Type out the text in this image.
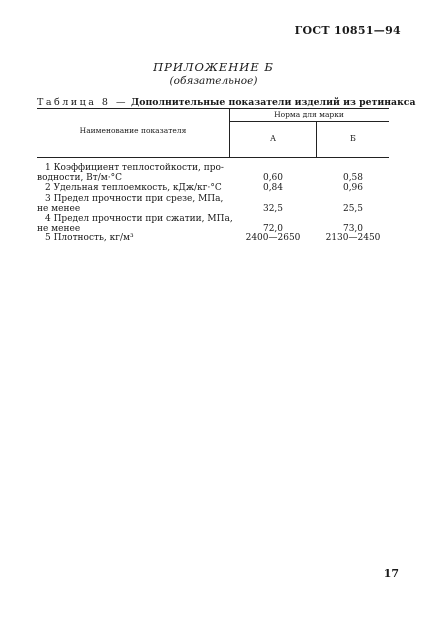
ГОСТ 10851—94
ПРИЛОЖЕНИЕ Б
(обязательное)
Таблица 8 — Дополнительные показатели изделий из ретинакса
Наименование показателя
Норма для марки
А	Б
1 Коэффициент теплостойкости, про-
водности, Вт/м·°С	0,60	0,58
2 Удельная теплоемкость, кДж/кг·°С	0,84	0,96
3 Предел прочности при срезе, МПа,
не менее	32,5	25,5
4 Предел прочности при сжатии, МПа,
не менее	72,0	73,0
5 Плотность, кг/м³	2400—2650	2130—2450
17
